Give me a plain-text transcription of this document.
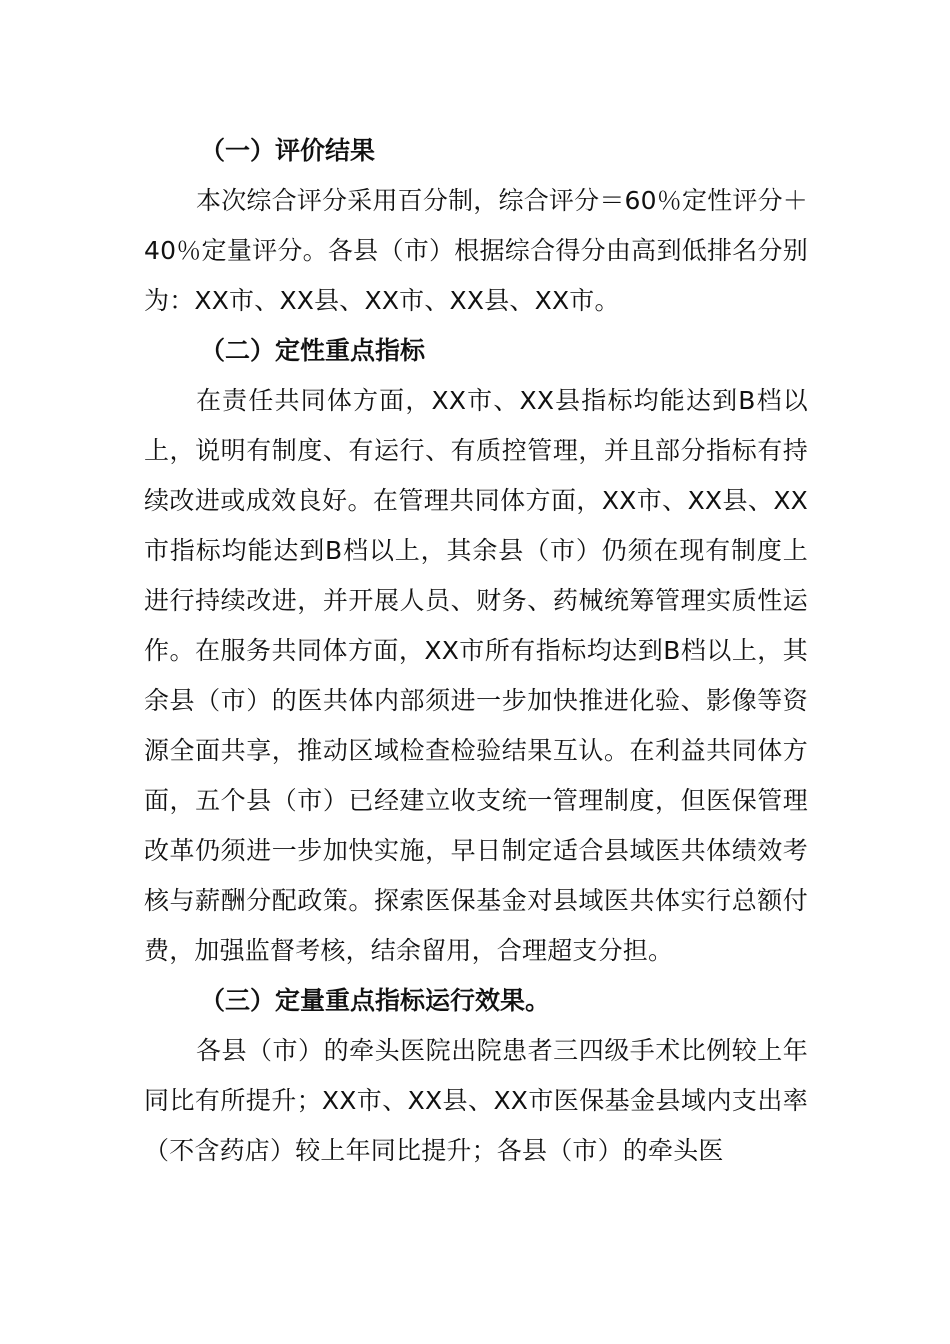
（一）评价结果

本次综合评分采用百分制，综合评分＝60％定性评分＋40％定量评分。各县（市）根据综合得分由高到低排名分别为：XX市、XX县、XX市、XX县、XX市。

（二）定性重点指标

在责任共同体方面，XX市、XX县指标均能达到B档以上，说明有制度、有运行、有质控管理，并且部分指标有持续改进或成效良好。在管理共同体方面，XX市、XX县、XX市指标均能达到B档以上，其余县（市）仍须在现有制度上进行持续改进，并开展人员、财务、药械统筹管理实质性运作。在服务共同体方面，XX市所有指标均达到B档以上，其余县（市）的医共体内部须进一步加快推进化验、影像等资源全面共享，推动区域检查检验结果互认。在利益共同体方面，五个县（市）已经建立收支统一管理制度，但医保管理改革仍须进一步加快实施，早日制定适合县域医共体绩效考核与薪酬分配政策。探索医保基金对县域医共体实行总额付费，加强监督考核，结余留用，合理超支分担。

（三）定量重点指标运行效果。

各县（市）的牵头医院出院患者三四级手术比例较上年同比有所提升；XX市、XX县、XX市医保基金县域内支出率（不含药店）较上年同比提升；各县（市）的牵头医
